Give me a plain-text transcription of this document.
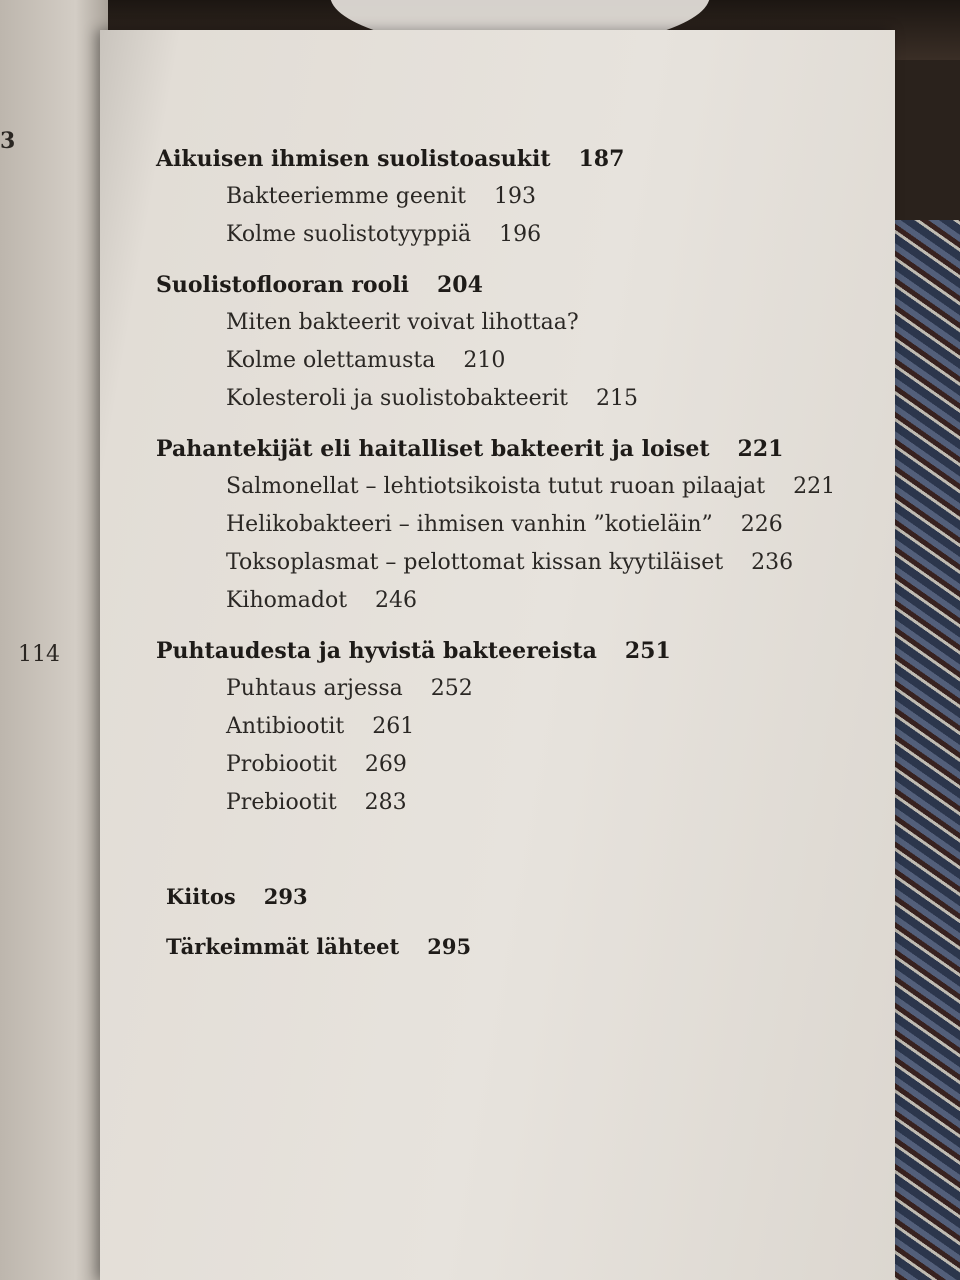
3
114
Aikuisen ihmisen suolistoasukit 187
Bakteeriemme geenit 193
Kolme suolistotyyppiä 196
Suolistoflooran rooli 204
Miten bakteerit voivat lihottaa?
Kolme olettamusta 210
Kolesteroli ja suolistobakteerit 215
Pahantekijät eli haitalliset bakteerit ja loiset 221
Salmonellat – lehtiotsikoista tutut ruoan pilaajat 221
Helikobakteeri – ihmisen vanhin ”kotieläin” 226
Toksoplasmat – pelottomat kissan kyytiläiset 236
Kihomadot 246
Puhtaudesta ja hyvistä bakteereista 251
Puhtaus arjessa 252
Antibiootit 261
Probiootit 269
Prebiootit 283
Kiitos 293
Tärkeimmät lähteet 295
